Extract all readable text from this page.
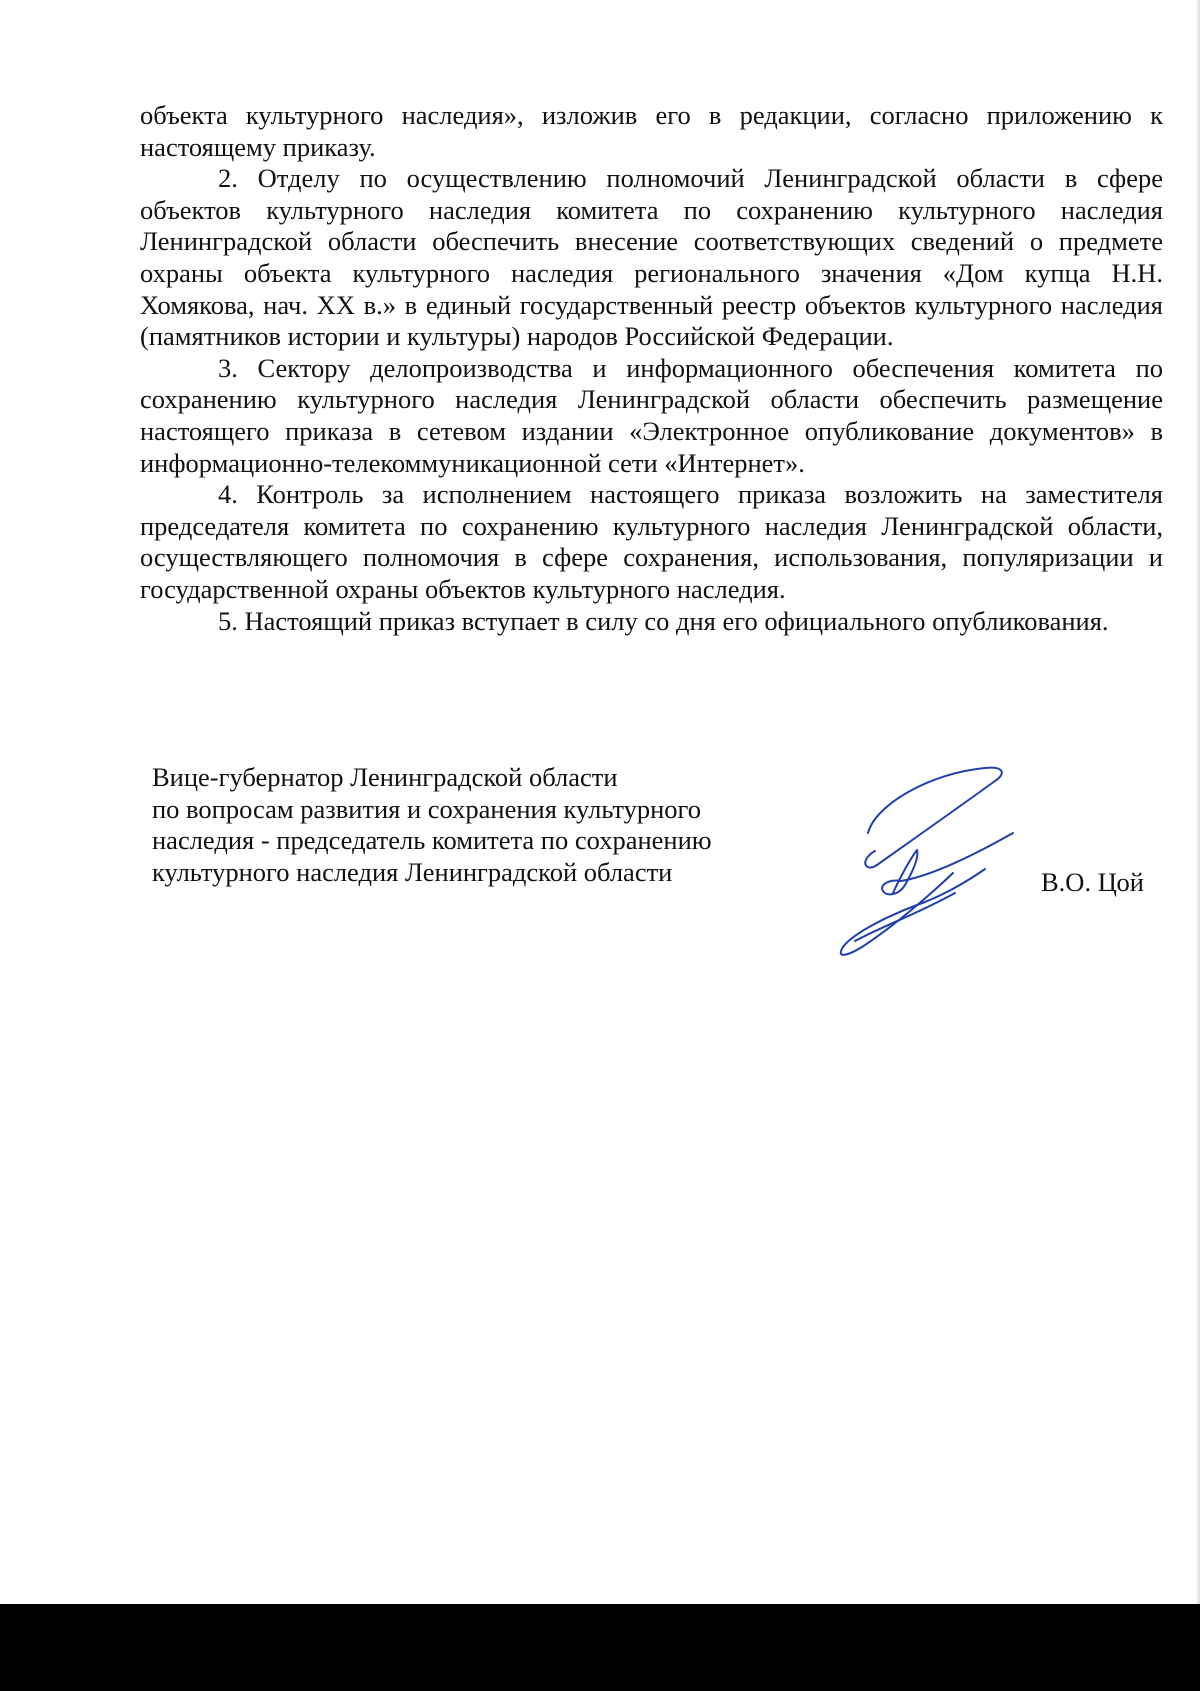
объекта культурного наследия», изложив его в редакции, согласно приложению к настоящему приказу.

2. Отделу по осуществлению полномочий Ленинградской области в сфере объектов культурного наследия комитета по сохранению культурного наследия Ленинградской области обеспечить внесение соответствующих сведений о предмете охраны объекта культурного наследия регионального значения «Дом купца Н.Н. Хомякова, нач. XX в.» в единый государственный реестр объектов культурного наследия (памятников истории и культуры) народов Российской Федерации.

3. Сектору делопроизводства и информационного обеспечения комитета по сохранению культурного наследия Ленинградской области обеспечить размещение настоящего приказа в сетевом издании «Электронное опубликование документов» в информационно-телекоммуникационной сети «Интернет».

4. Контроль за исполнением настоящего приказа возложить на заместителя председателя комитета по сохранению культурного наследия Ленинградской области, осуществляющего полномочия в сфере сохранения, использования, популяризации и государственной охраны объектов культурного наследия.

5. Настоящий приказ вступает в силу со дня его официального опубликования.

Вице-губернатор Ленинградской области
по вопросам развития и сохранения культурного
наследия - председатель комитета по сохранению
культурного наследия Ленинградской области	В.О. Цой
